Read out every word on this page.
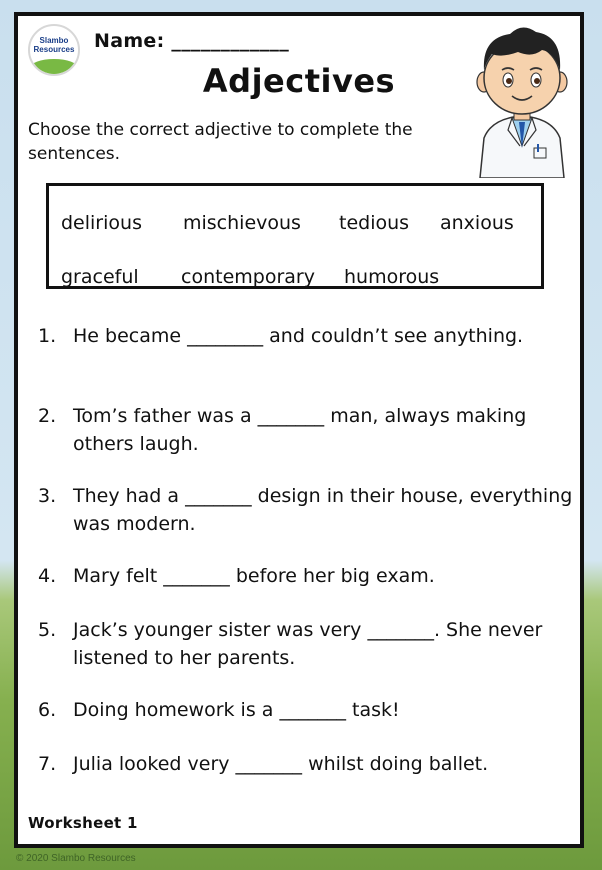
Slambo
Resources Name: ____________
Adjectives
Choose the correct adjective to complete the sentences.
delirious mischievous tedious anxious
graceful contemporary humorous
1. He became ________ and couldn’t see anything.
2. Tom’s father was a _______ man, always making others laugh.
3. They had a _______ design in their house, everything was modern.
4. Mary felt _______ before her big exam.
5. Jack’s younger sister was very _______. She never listened to her parents.
6. Doing homework is a _______ task!
7. Julia looked very _______ whilst doing ballet.
Worksheet 1
© 2020 Slambo Resources
